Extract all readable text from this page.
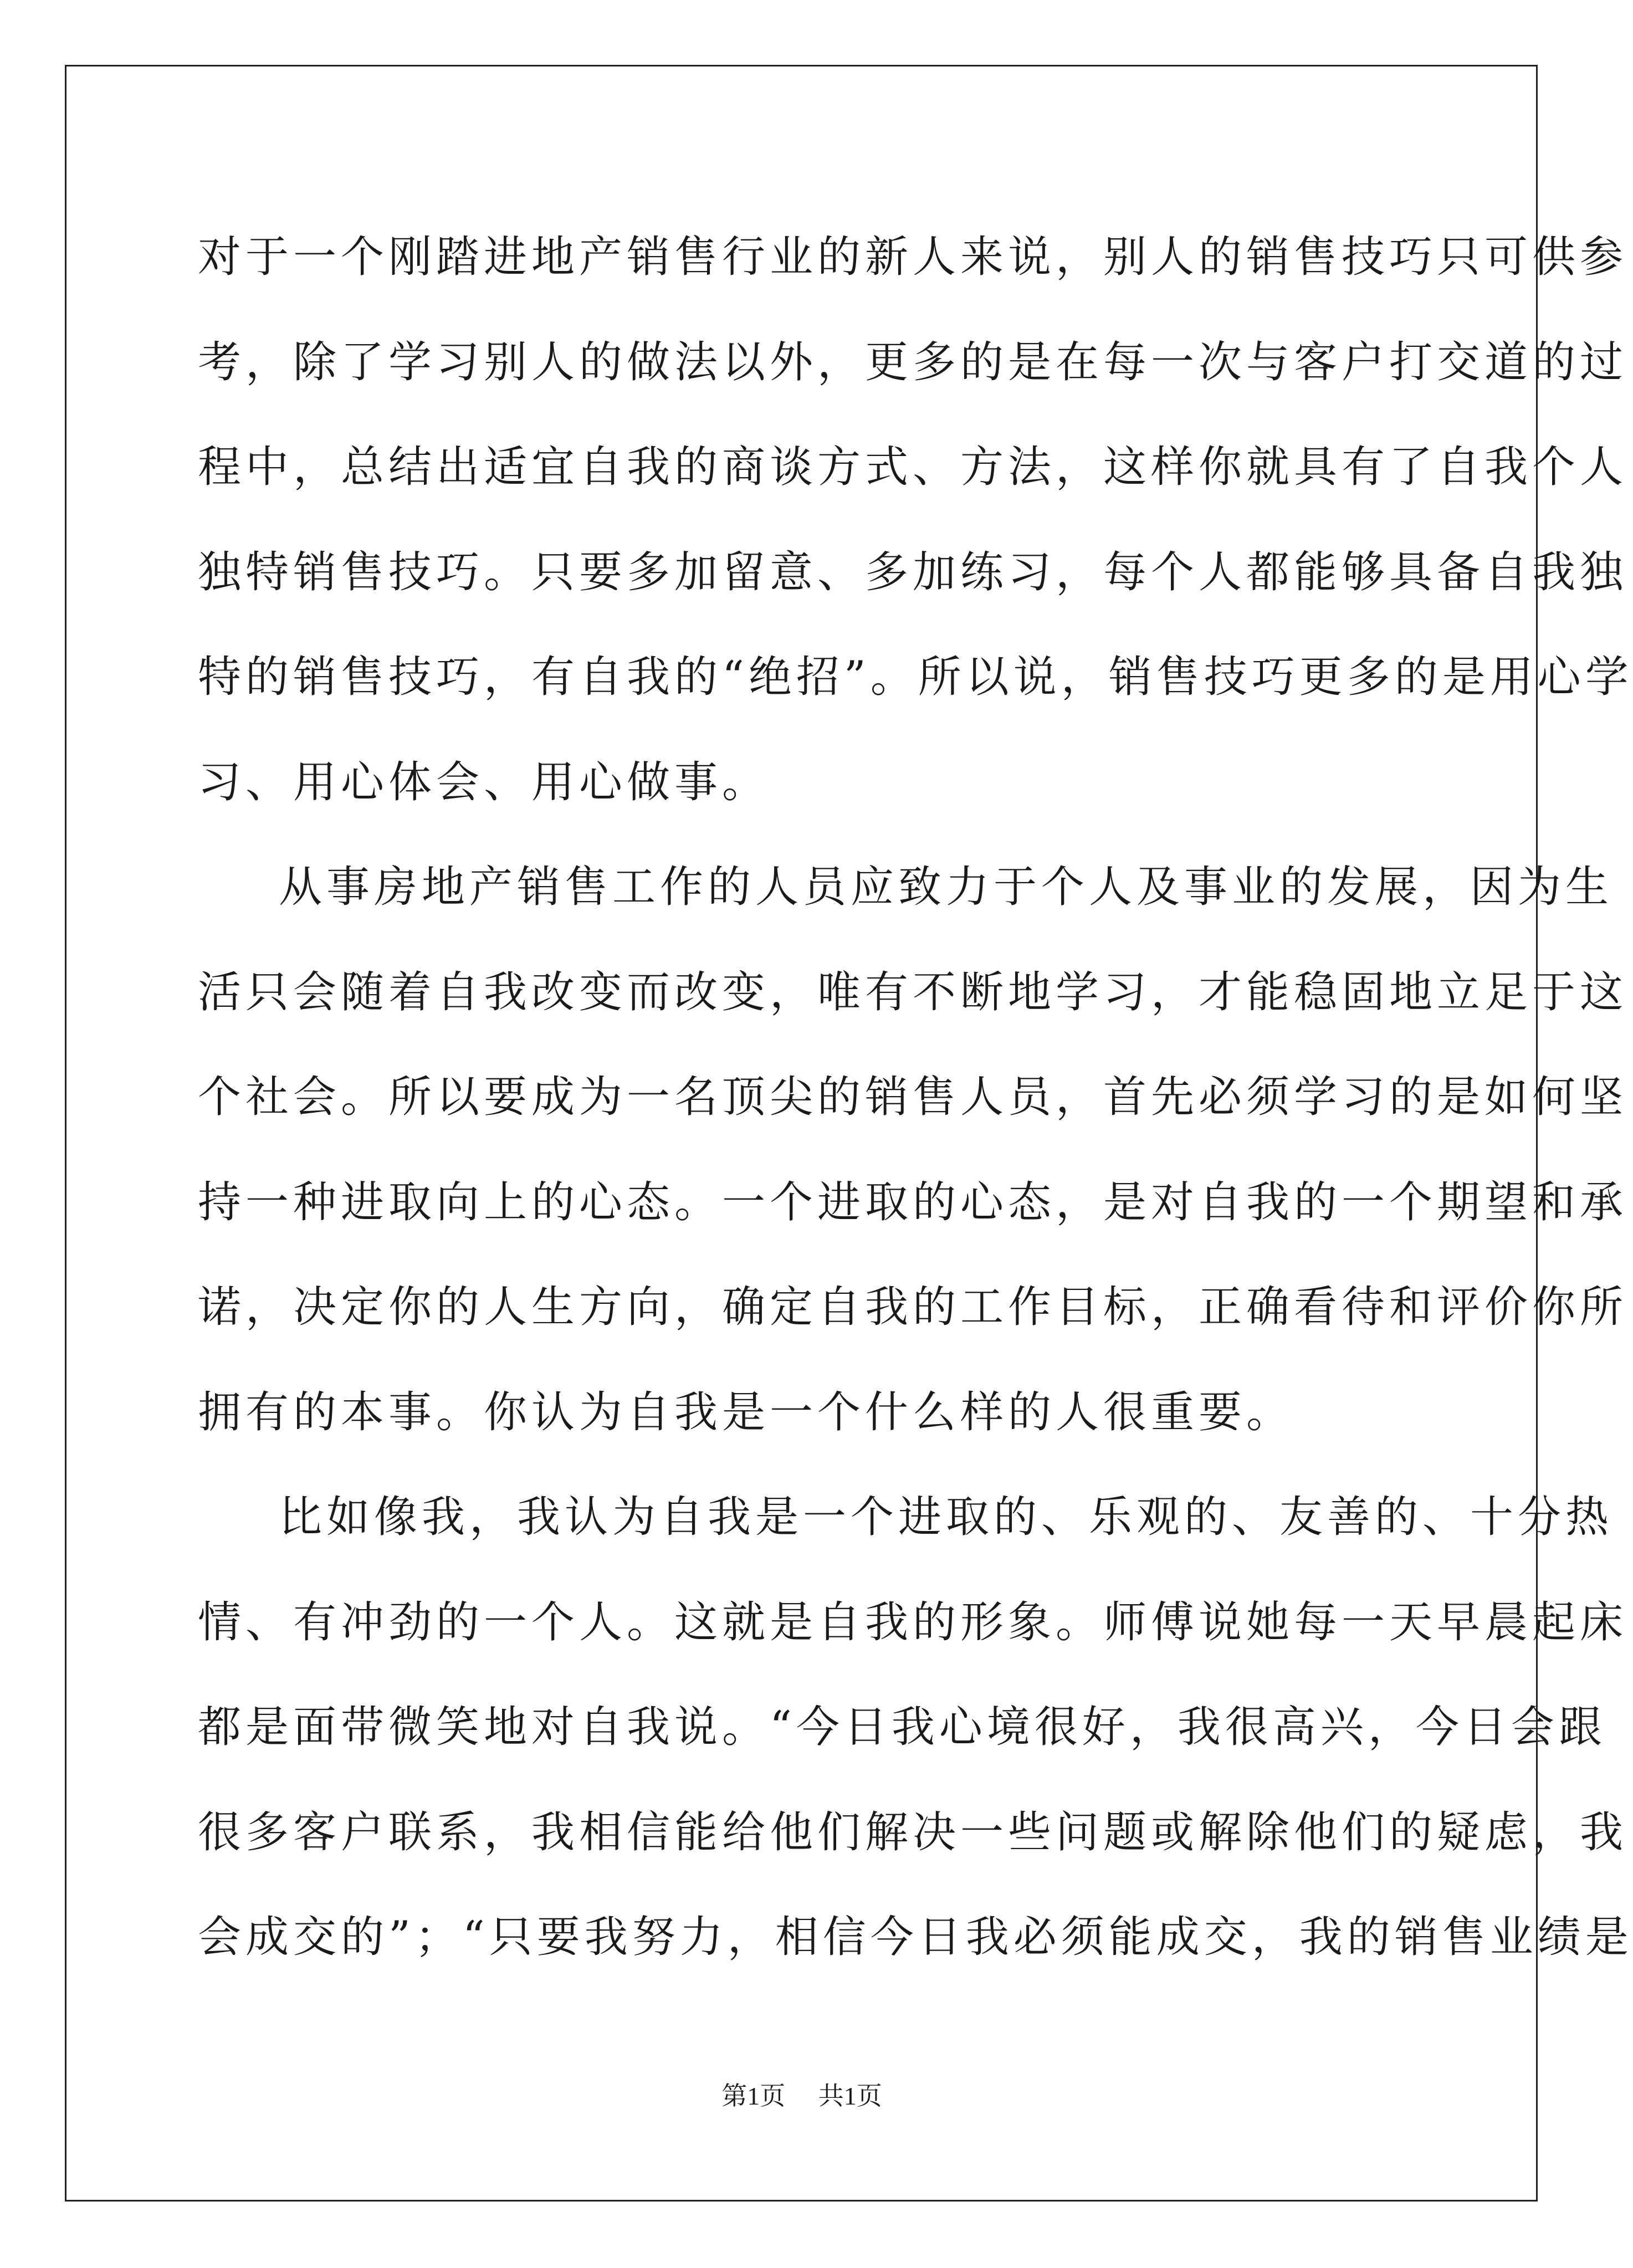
对于一个刚踏进地产销售行业的新人来说，别人的销售技巧只可供参
考，除了学习别人的做法以外，更多的是在每一次与客户打交道的过
程中，总结出适宜自我的商谈方式、方法，这样你就具有了自我个人
独特销售技巧。只要多加留意、多加练习，每个人都能够具备自我独
特的销售技巧，有自我的“绝招”。所以说，销售技巧更多的是用心学
习、用心体会、用心做事。
从事房地产销售工作的人员应致力于个人及事业的发展，因为生
活只会随着自我改变而改变，唯有不断地学习，才能稳固地立足于这
个社会。所以要成为一名顶尖的销售人员，首先必须学习的是如何坚
持一种进取向上的心态。一个进取的心态，是对自我的一个期望和承
诺，决定你的人生方向，确定自我的工作目标，正确看待和评价你所
拥有的本事。你认为自我是一个什么样的人很重要。
比如像我，我认为自我是一个进取的、乐观的、友善的、十分热
情、有冲劲的一个人。这就是自我的形象。师傅说她每一天早晨起床
都是面带微笑地对自我说。“今日我心境很好，我很高兴，今日会跟
很多客户联系，我相信能给他们解决一些问题或解除他们的疑虑，我
会成交的”；“只要我努力，相信今日我必须能成交，我的销售业绩是
第1页 共1页
